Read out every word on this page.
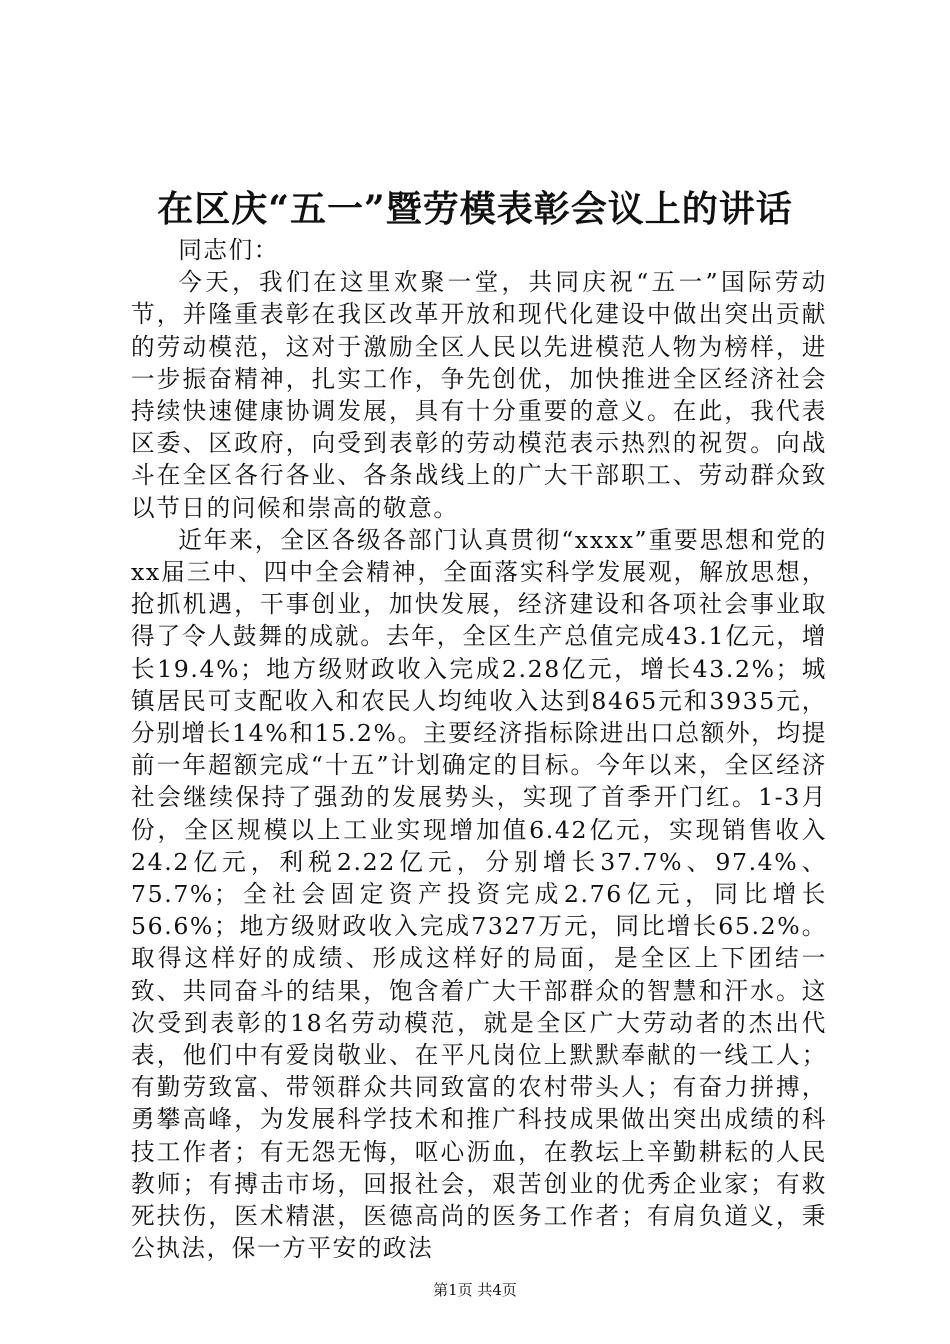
在区庆“五一”暨劳模表彰会议上的讲话

同志们：

今天，我们在这里欢聚一堂，共同庆祝“五一”国际劳动节，并隆重表彰在我区改革开放和现代化建设中做出突出贡献的劳动模范，这对于激励全区人民以先进模范人物为榜样，进一步振奋精神，扎实工作，争先创优，加快推进全区经济社会持续快速健康协调发展，具有十分重要的意义。在此，我代表区委、区政府，向受到表彰的劳动模范表示热烈的祝贺。向战斗在全区各行各业、各条战线上的广大干部职工、劳动群众致以节日的问候和崇高的敬意。

近年来，全区各级各部门认真贯彻“xxxx”重要思想和党的xx届三中、四中全会精神，全面落实科学发展观，解放思想，抢抓机遇，干事创业，加快发展，经济建设和各项社会事业取得了令人鼓舞的成就。去年，全区生产总值完成43.1亿元，增长19.4%；地方级财政收入完成2.28亿元，增长43.2%；城镇居民可支配收入和农民人均纯收入达到8465元和3935元，分别增长14%和15.2%。主要经济指标除进出口总额外，均提前一年超额完成“十五”计划确定的目标。今年以来，全区经济社会继续保持了强劲的发展势头，实现了首季开门红。1-3月份，全区规模以上工业实现增加值6.42亿元，实现销售收入24.2亿元，利税2.22亿元，分别增长37.7%、97.4%、75.7%；全社会固定资产投资完成2.76亿元，同比增长56.6%；地方级财政收入完成7327万元，同比增长65.2%。取得这样好的成绩、形成这样好的局面，是全区上下团结一致、共同奋斗的结果，饱含着广大干部群众的智慧和汗水。这次受到表彰的18名劳动模范，就是全区广大劳动者的杰出代表，他们中有爱岗敬业、在平凡岗位上默默奉献的一线工人；有勤劳致富、带领群众共同致富的农村带头人；有奋力拼搏，勇攀高峰，为发展科学技术和推广科技成果做出突出成绩的科技工作者；有无怨无悔，呕心沥血，在教坛上辛勤耕耘的人民教师；有搏击市场，回报社会，艰苦创业的优秀企业家；有救死扶伤，医术精湛，医德高尚的医务工作者；有肩负道义，秉公执法，保一方平安的政法

第1页 共4页
